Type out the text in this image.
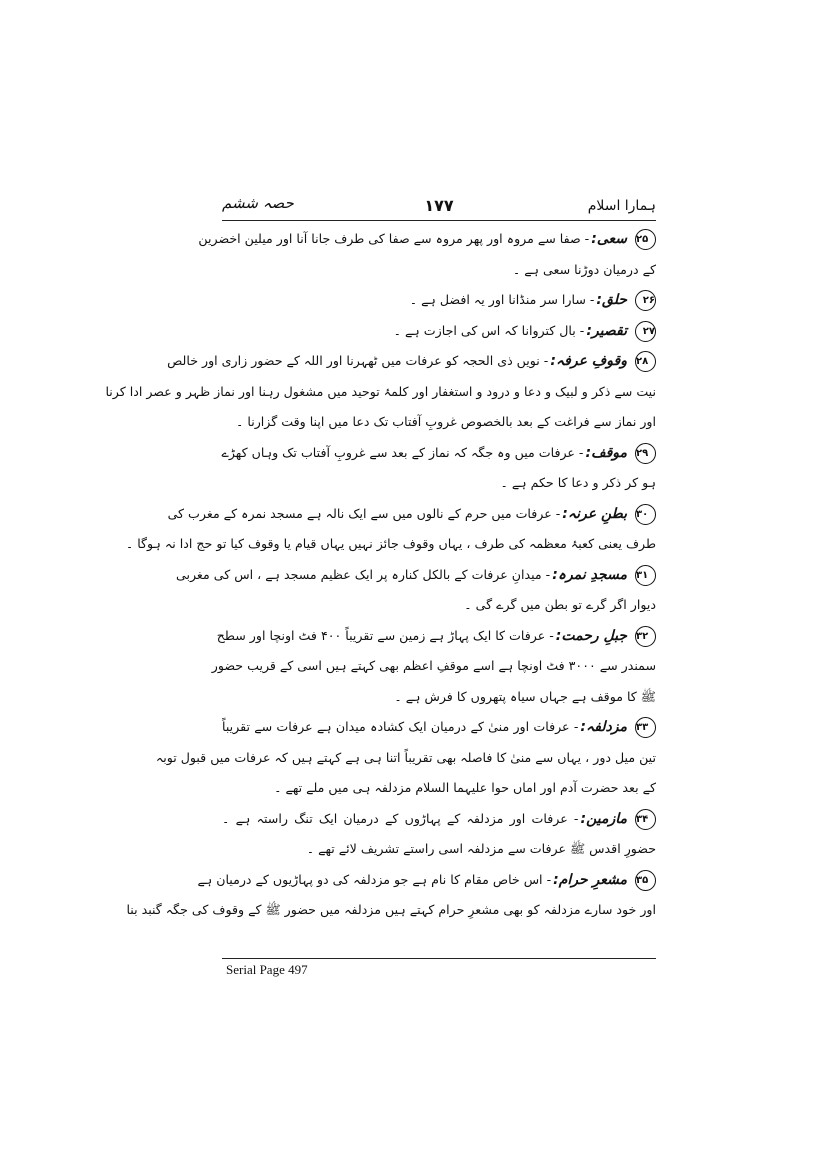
ہمارا اسلام
۱۷۷
حصہ ششم
۲۵سعی:- صفا سے مروہ اور پھر مروہ سے صفا کی طرف جانا آنا اور میلین اخضرین
کے درمیان دوڑنا سعی ہے ۔
۲۶حلق:- سارا سر منڈانا اور یہ افضل ہے ۔
۲۷تقصیر:- بال کتروانا کہ اس کی اجازت ہے ۔
۲۸وقوفِ عرفہ:- نویں ذی الحجہ کو عرفات میں ٹھہرنا اور اللہ کے حضور زاری اور خالص
نیت سے ذکر و لبیک و دعا و درود و استغفار اور کلمۂ توحید میں مشغول رہنا اور نماز ظہر و عصر ادا کرنا
اور نماز سے فراغت کے بعد بالخصوص غروبِ آفتاب تک دعا میں اپنا وقت گزارنا ۔
۲۹موقف:- عرفات میں وہ جگہ کہ نماز کے بعد سے غروبِ آفتاب تک وہاں کھڑے
ہو کر ذکر و دعا کا حکم ہے ۔
۳۰بطنِ عرنہ:- عرفات میں حرم کے نالوں میں سے ایک نالہ ہے مسجد نمرہ کے مغرب کی
طرف یعنی کعبۂ معظمہ کی طرف ، یہاں وقوف جائز نہیں یہاں قیام یا وقوف کیا تو حج ادا نہ ہوگا ۔
۳۱مسجدِ نمرہ:- میدانِ عرفات کے بالکل کنارہ پر ایک عظیم مسجد ہے ، اس کی مغربی
دیوار اگر گرے تو بطن میں گرے گی ۔
۳۲جبلِ رحمت:- عرفات کا ایک پہاڑ ہے زمین سے تقریباً ۴۰۰ فٹ اونچا اور سطح
سمندر سے ۳۰۰۰ فٹ اونچا ہے اسے موقفِ اعظم بھی کہتے ہیں اسی کے قریب حضور
ﷺ کا موقف ہے جہاں سیاہ پتھروں کا فرش ہے ۔
۳۳مزدلفہ:- عرفات اور منیٰ کے درمیان ایک کشادہ میدان ہے عرفات سے تقریباً
تین میل دور ، یہاں سے منیٰ کا فاصلہ بھی تقریباً اتنا ہی ہے کہتے ہیں کہ عرفات میں قبول توبہ
کے بعد حضرت آدم اور اماں حوا علیہما السلام مزدلفہ ہی میں ملے تھے ۔
۳۴مازمین:- عرفات اور مزدلفہ کے پہاڑوں کے درمیان ایک تنگ راستہ ہے ۔
حضورِ اقدس ﷺ عرفات سے مزدلفہ اسی راستے تشریف لائے تھے ۔
۳۵مشعرِ حرام:- اس خاص مقام کا نام ہے جو مزدلفہ کی دو پہاڑیوں کے درمیان ہے
اور خود سارے مزدلفہ کو بھی مشعرِ حرام کہتے ہیں مزدلفہ میں حضور ﷺ کے وقوف کی جگہ گنبد بنا
Serial Page 497
